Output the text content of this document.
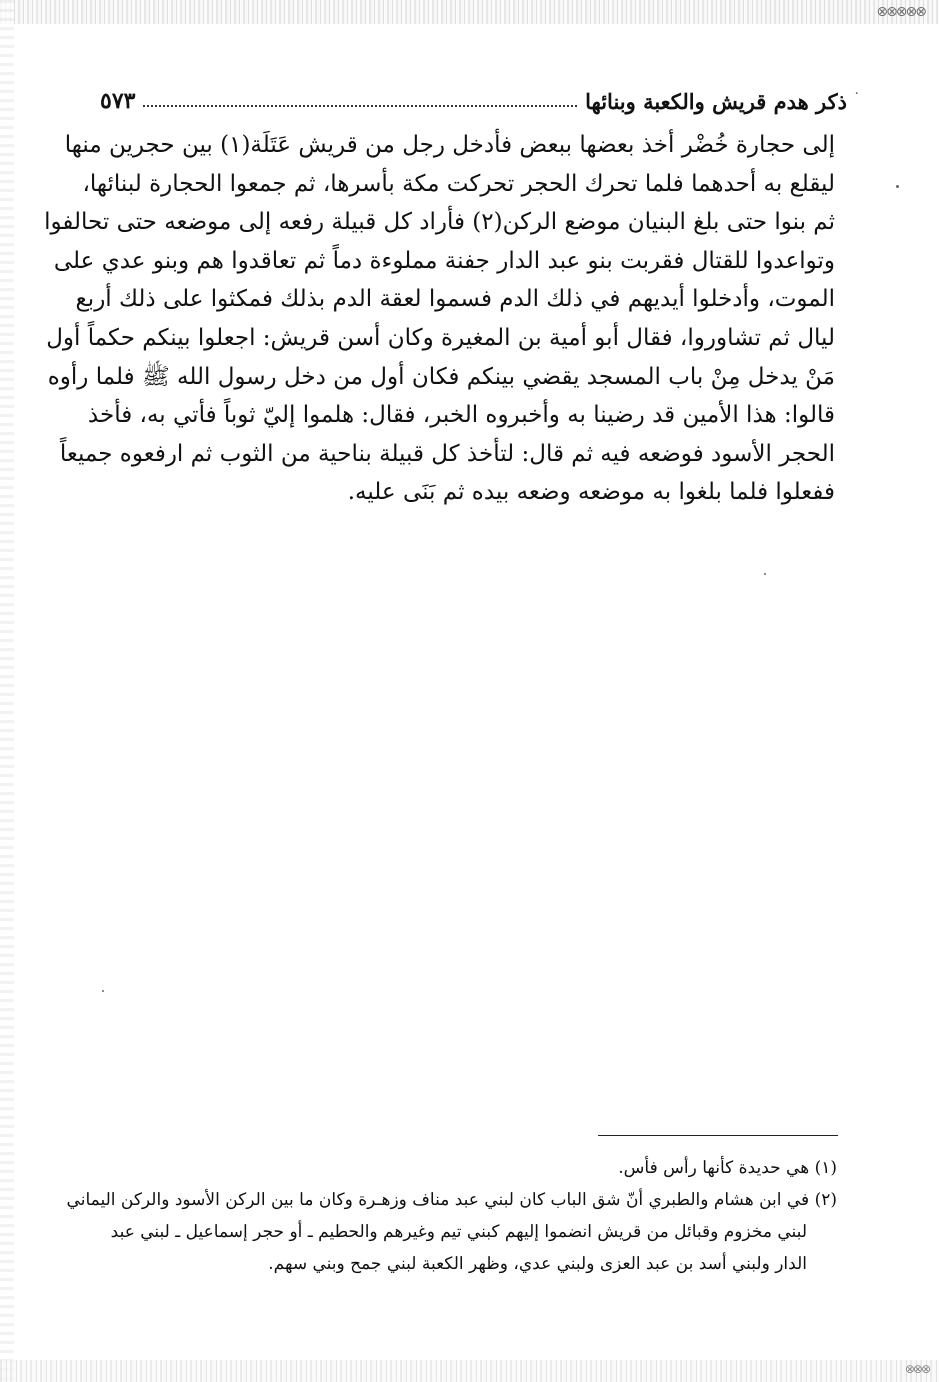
⊗⊗⊗⊗⊗
·
ذكر هدم قريش والكعبة وبنائها
٥٧٣
إلى حجارة خُضْر أخذ بعضها ببعض فأدخل رجل من قريش عَتَلَة(١) بين حجرين منها
ليقلع به أحدهما فلما تحرك الحجر تحركت مكة بأسرها، ثم جمعوا الحجارة لبنائها،
ثم بنوا حتى بلغ البنيان موضع الركن(٢) فأراد كل قبيلة رفعه إلى موضعه حتى تحالفوا
وتواعدوا للقتال فقربت بنو عبد الدار جفنة مملوءة دماً ثم تعاقدوا هم وبنو عدي على
الموت، وأدخلوا أيديهم في ذلك الدم فسموا لعقة الدم بذلك فمكثوا على ذلك أربع
ليال ثم تشاوروا، فقال أبو أمية بن المغيرة وكان أسن قريش: اجعلوا بينكم حكماً أول
مَنْ يدخل مِنْ باب المسجد يقضي بينكم فكان أول من دخل رسول الله ﷺ فلما رأوه
قالوا: هذا الأمين قد رضينا به وأخبروه الخبر، فقال: هلموا إليّ ثوباً فأتي به، فأخذ
الحجر الأسود فوضعه فيه ثم قال: لتأخذ كل قبيلة بناحية من الثوب ثم ارفعوه جميعاً
ففعلوا فلما بلغوا به موضعه وضعه بيده ثم بَنَى عليه.
(١) هي حديدة كأنها رأس فأس.
(٢) في ابن هشام والطبري أنّ شق الباب كان لبني عبد مناف وزهـرة وكان ما بين الركن الأسود والركن اليماني
لبني مخزوم وقبائل من قريش انضموا إليهم كبني تيم وغيرهم والحطيم ـ أو حجر إسماعيل ـ لبني عبد
الدار ولبني أسد بن عبد العزى ولبني عدي، وظهر الكعبة لبني جمح وبني سهم.
⊗⊗⊗
